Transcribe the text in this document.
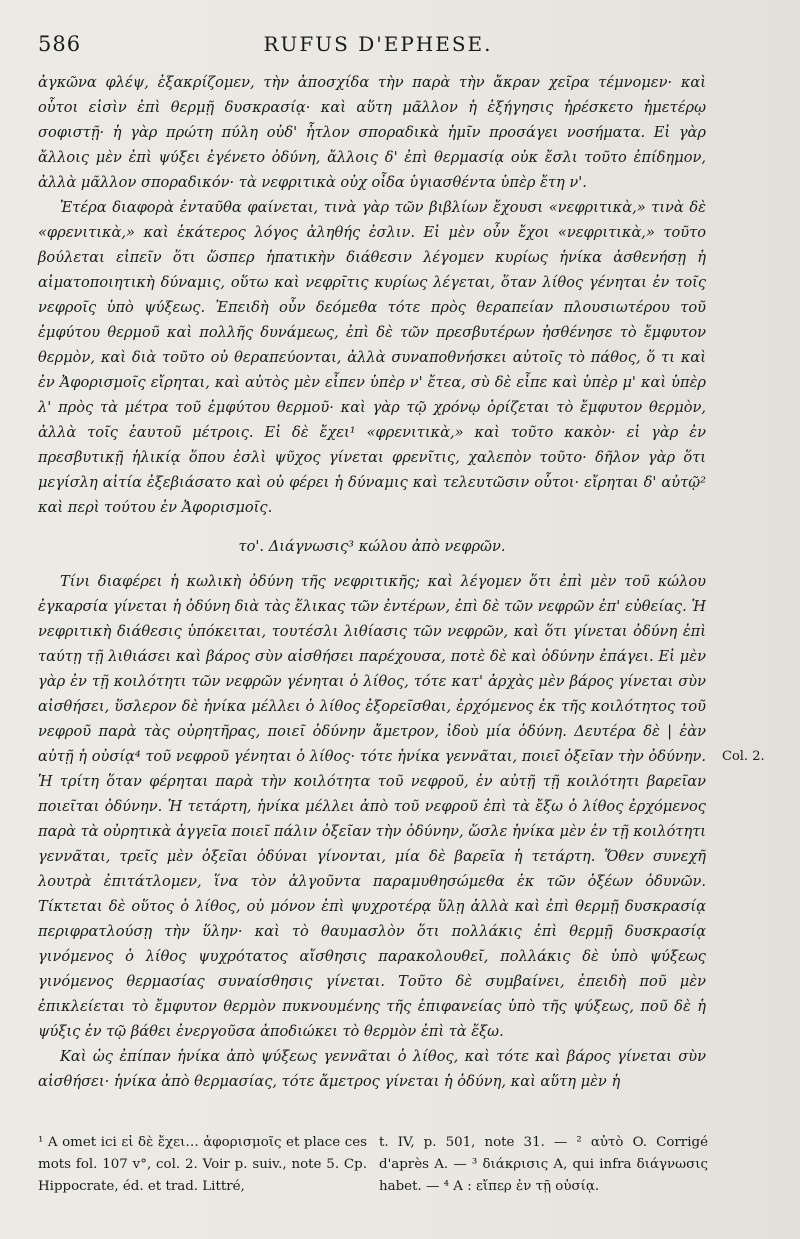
586	RUFUS D'EPHESE.

ἀγκῶνα φλέψ, ἐξακρίζομεν, τὴν ἀποσχίδα τὴν παρὰ τὴν ἄκραν χεῖρα τέμνομεν· καὶ οὗτοι εἰσὶν ἐπὶ θερμῇ δυσκρασίᾳ· καὶ αὕτη μᾶλλον ἡ ἐξήγησις ἠρέσκετο ἡμετέρῳ σοφιστῇ· ἡ γὰρ πρώτη πύλη οὐδ' ἧτλον σποραδικὰ ἡμῖν προσάγει νοσήματα. Εἰ γὰρ ἄλλοις μὲν ἐπὶ ψύξει ἐγένετο ὀδύνη, ἄλλοις δ' ἐπὶ θερμασίᾳ οὐκ ἔσλι τοῦτο ἐπίδημον, ἀλλὰ μᾶλλον σποραδικόν· τὰ νεφριτικὰ οὐχ οἶδα ὑγιασθέντα ὑπὲρ ἔτη ν'.

Ἑτέρα διαφορὰ ἐνταῦθα φαίνεται, τινὰ γὰρ τῶν βιβλίων ἔχουσι «νεφριτικὰ,» τινὰ δὲ «φρενιτικὰ,» καὶ ἑκάτερος λόγος ἀληθής ἐσλιν. Εἰ μὲν οὖν ἔχοι «νεφριτικὰ,» τοῦτο βούλεται εἰπεῖν ὅτι ὥσπερ ἡπατικὴν διάθεσιν λέγομεν κυρίως ἡνίκα ἀσθενήσῃ ἡ αἱματοποιητικὴ δύναμις, οὕτω καὶ νεφρῖτις κυρίως λέγεται, ὅταν λίθος γένηται ἐν τοῖς νεφροῖς ὑπὸ ψύξεως. Ἐπειδὴ οὖν δεόμεθα τότε πρὸς θεραπείαν πλουσιωτέρου τοῦ ἐμφύτου θερμοῦ καὶ πολλῆς δυνάμεως, ἐπὶ δὲ τῶν πρεσβυτέρων ἠσθένησε τὸ ἔμφυτον θερμὸν, καὶ διὰ τοῦτο οὐ θεραπεύονται, ἀλλὰ συναποθνήσκει αὐτοῖς τὸ πάθος, ὅ τι καὶ ἐν Ἀφορισμοῖς εἴρηται, καὶ αὐτὸς μὲν εἶπεν ὑπὲρ ν' ἔτεα, σὺ δὲ εἶπε καὶ ὑπὲρ μ' καὶ ὑπὲρ λ' πρὸς τὰ μέτρα τοῦ ἐμφύτου θερμοῦ· καὶ γὰρ τῷ χρόνῳ ὁρίζεται τὸ ἔμφυτον θερμὸν, ἀλλὰ τοῖς ἑαυτοῦ μέτροις. Εἰ δὲ ἔχει¹ «φρενιτικὰ,» καὶ τοῦτο κακὸν· εἰ γὰρ ἐν πρεσβυτικῇ ἡλικίᾳ ὅπου ἐσλὶ ψῦχος γίνεται φρενῖτις, χαλεπὸν τοῦτο· δῆλον γὰρ ὅτι μεγίσλη αἰτία ἐξεβιάσατο καὶ οὐ φέρει ἡ δύναμις καὶ τελευτῶσιν οὗτοι· εἴρηται δ' αὐτῷ² καὶ περὶ τούτου ἐν Ἀφορισμοῖς.

το'. Διάγνωσις³ κώλου ἀπὸ νεφρῶν.

Τίνι διαφέρει ἡ κωλικὴ ὀδύνη τῆς νεφριτικῆς; καὶ λέγομεν ὅτι ἐπὶ μὲν τοῦ κώλου ἐγκαρσία γίνεται ἡ ὀδύνη διὰ τὰς ἕλικας τῶν ἐντέρων, ἐπὶ δὲ τῶν νεφρῶν ἐπ' εὐθείας. Ἡ νεφριτικὴ διάθεσις ὑπόκειται, τουτέσλι λιθίασις τῶν νεφρῶν, καὶ ὅτι γίνεται ὀδύνη ἐπὶ ταύτῃ τῇ λιθιάσει καὶ βάρος σὺν αἰσθήσει παρέχουσα, ποτὲ δὲ καὶ ὀδύνην ἐπάγει. Εἰ μὲν γὰρ ἐν τῇ κοιλότητι τῶν νεφρῶν γένηται ὁ λίθος, τότε κατ' ἀρχὰς μὲν βάρος γίνεται σὺν αἰσθήσει, ὕσλερον δὲ ἡνίκα μέλλει ὁ λίθος ἐξορεῖσθαι, ἐρχόμενος ἐκ τῆς κοιλότητος τοῦ νεφροῦ παρὰ τὰς οὐρητῆρας, ποιεῖ ὀδύνην ἄμετρον, ἰδοὺ μία ὀδύνη. Δευτέρα δὲ | ἐὰν αὐτῇ ἡ οὐσίᾳ⁴ τοῦ νεφροῦ γένηται ὁ λίθος· τότε ἡνίκα γεννᾶται, ποιεῖ ὀξεῖαν τὴν ὀδύνην. Ἡ τρίτη ὅταν φέρηται παρὰ τὴν κοιλότητα τοῦ νεφροῦ, ἐν αὐτῇ τῇ κοιλότητι βαρεῖαν ποιεῖται ὀδύνην. Ἡ τετάρτη, ἡνίκα μέλλει ἀπὸ τοῦ νεφροῦ ἐπὶ τὰ ἔξω ὁ λίθος ἐρχόμενος παρὰ τὰ οὐρητικὰ ἀγγεῖα ποιεῖ πάλιν ὀξεῖαν τὴν ὀδύνην, ὥσλε ἡνίκα μὲν ἐν τῇ κοιλότητι γεννᾶται, τρεῖς μὲν ὀξεῖαι ὀδύναι γίνονται, μία δὲ βαρεῖα ἡ τετάρτη. Ὅθεν συνεχῆ λουτρὰ ἐπιτάτλομεν, ἵνα τὸν ἀλγοῦντα παραμυθησώμεθα ἐκ τῶν ὀξέων ὀδυνῶν. Τίκτεται δὲ οὕτος ὁ λίθος, οὐ μόνον ἐπὶ ψυχροτέρᾳ ὕλῃ ἀλλὰ καὶ ἐπὶ θερμῇ δυσκρασίᾳ περιφρατλούσῃ τὴν ὕλην· καὶ τὸ θαυμασλὸν ὅτι πολλάκις ἐπὶ θερμῇ δυσκρασίᾳ γινόμενος ὁ λίθος ψυχρότατος αἴσθησις παρακολουθεῖ, πολλάκις δὲ ὑπὸ ψύξεως γινόμενος θερμασίας συναίσθησις γίνεται. Τοῦτο δὲ συμβαίνει, ἐπειδὴ ποῦ μὲν ἐπικλείεται τὸ ἔμφυτον θερμὸν πυκνουμένης τῆς ἐπιφανείας ὑπὸ τῆς ψύξεως, ποῦ δὲ ἡ ψύξις ἐν τῷ βάθει ἐνεργοῦσα ἀποδιώκει τὸ θερμὸν ἐπὶ τὰ ἔξω.

Καὶ ὡς ἐπίπαν ἡνίκα ἀπὸ ψύξεως γεννᾶται ὁ λίθος, καὶ τότε καὶ βάρος γίνεται σὺν αἰσθήσει· ἡνίκα ἀπὸ θερμασίας, τότε ἄμετρος γίνεται ἡ ὀδύνη, καὶ αὕτη μὲν ἡ

Col. 2.
¹ A omet ici εἰ δὲ ἔχει… ἀφορισμοῖς et place ces mots fol. 107 v°, col. 2. Voir p. suiv., note 5. Cp. Hippocrate, éd. et trad. Littré,
t. IV, p. 501, note 31. — ² αὐτὸ O. Corrigé d'après A. — ³ διάκρισις A, qui infra διάγνωσις habet. — ⁴ A : εἴπερ ἐν τῇ οὐσίᾳ.
